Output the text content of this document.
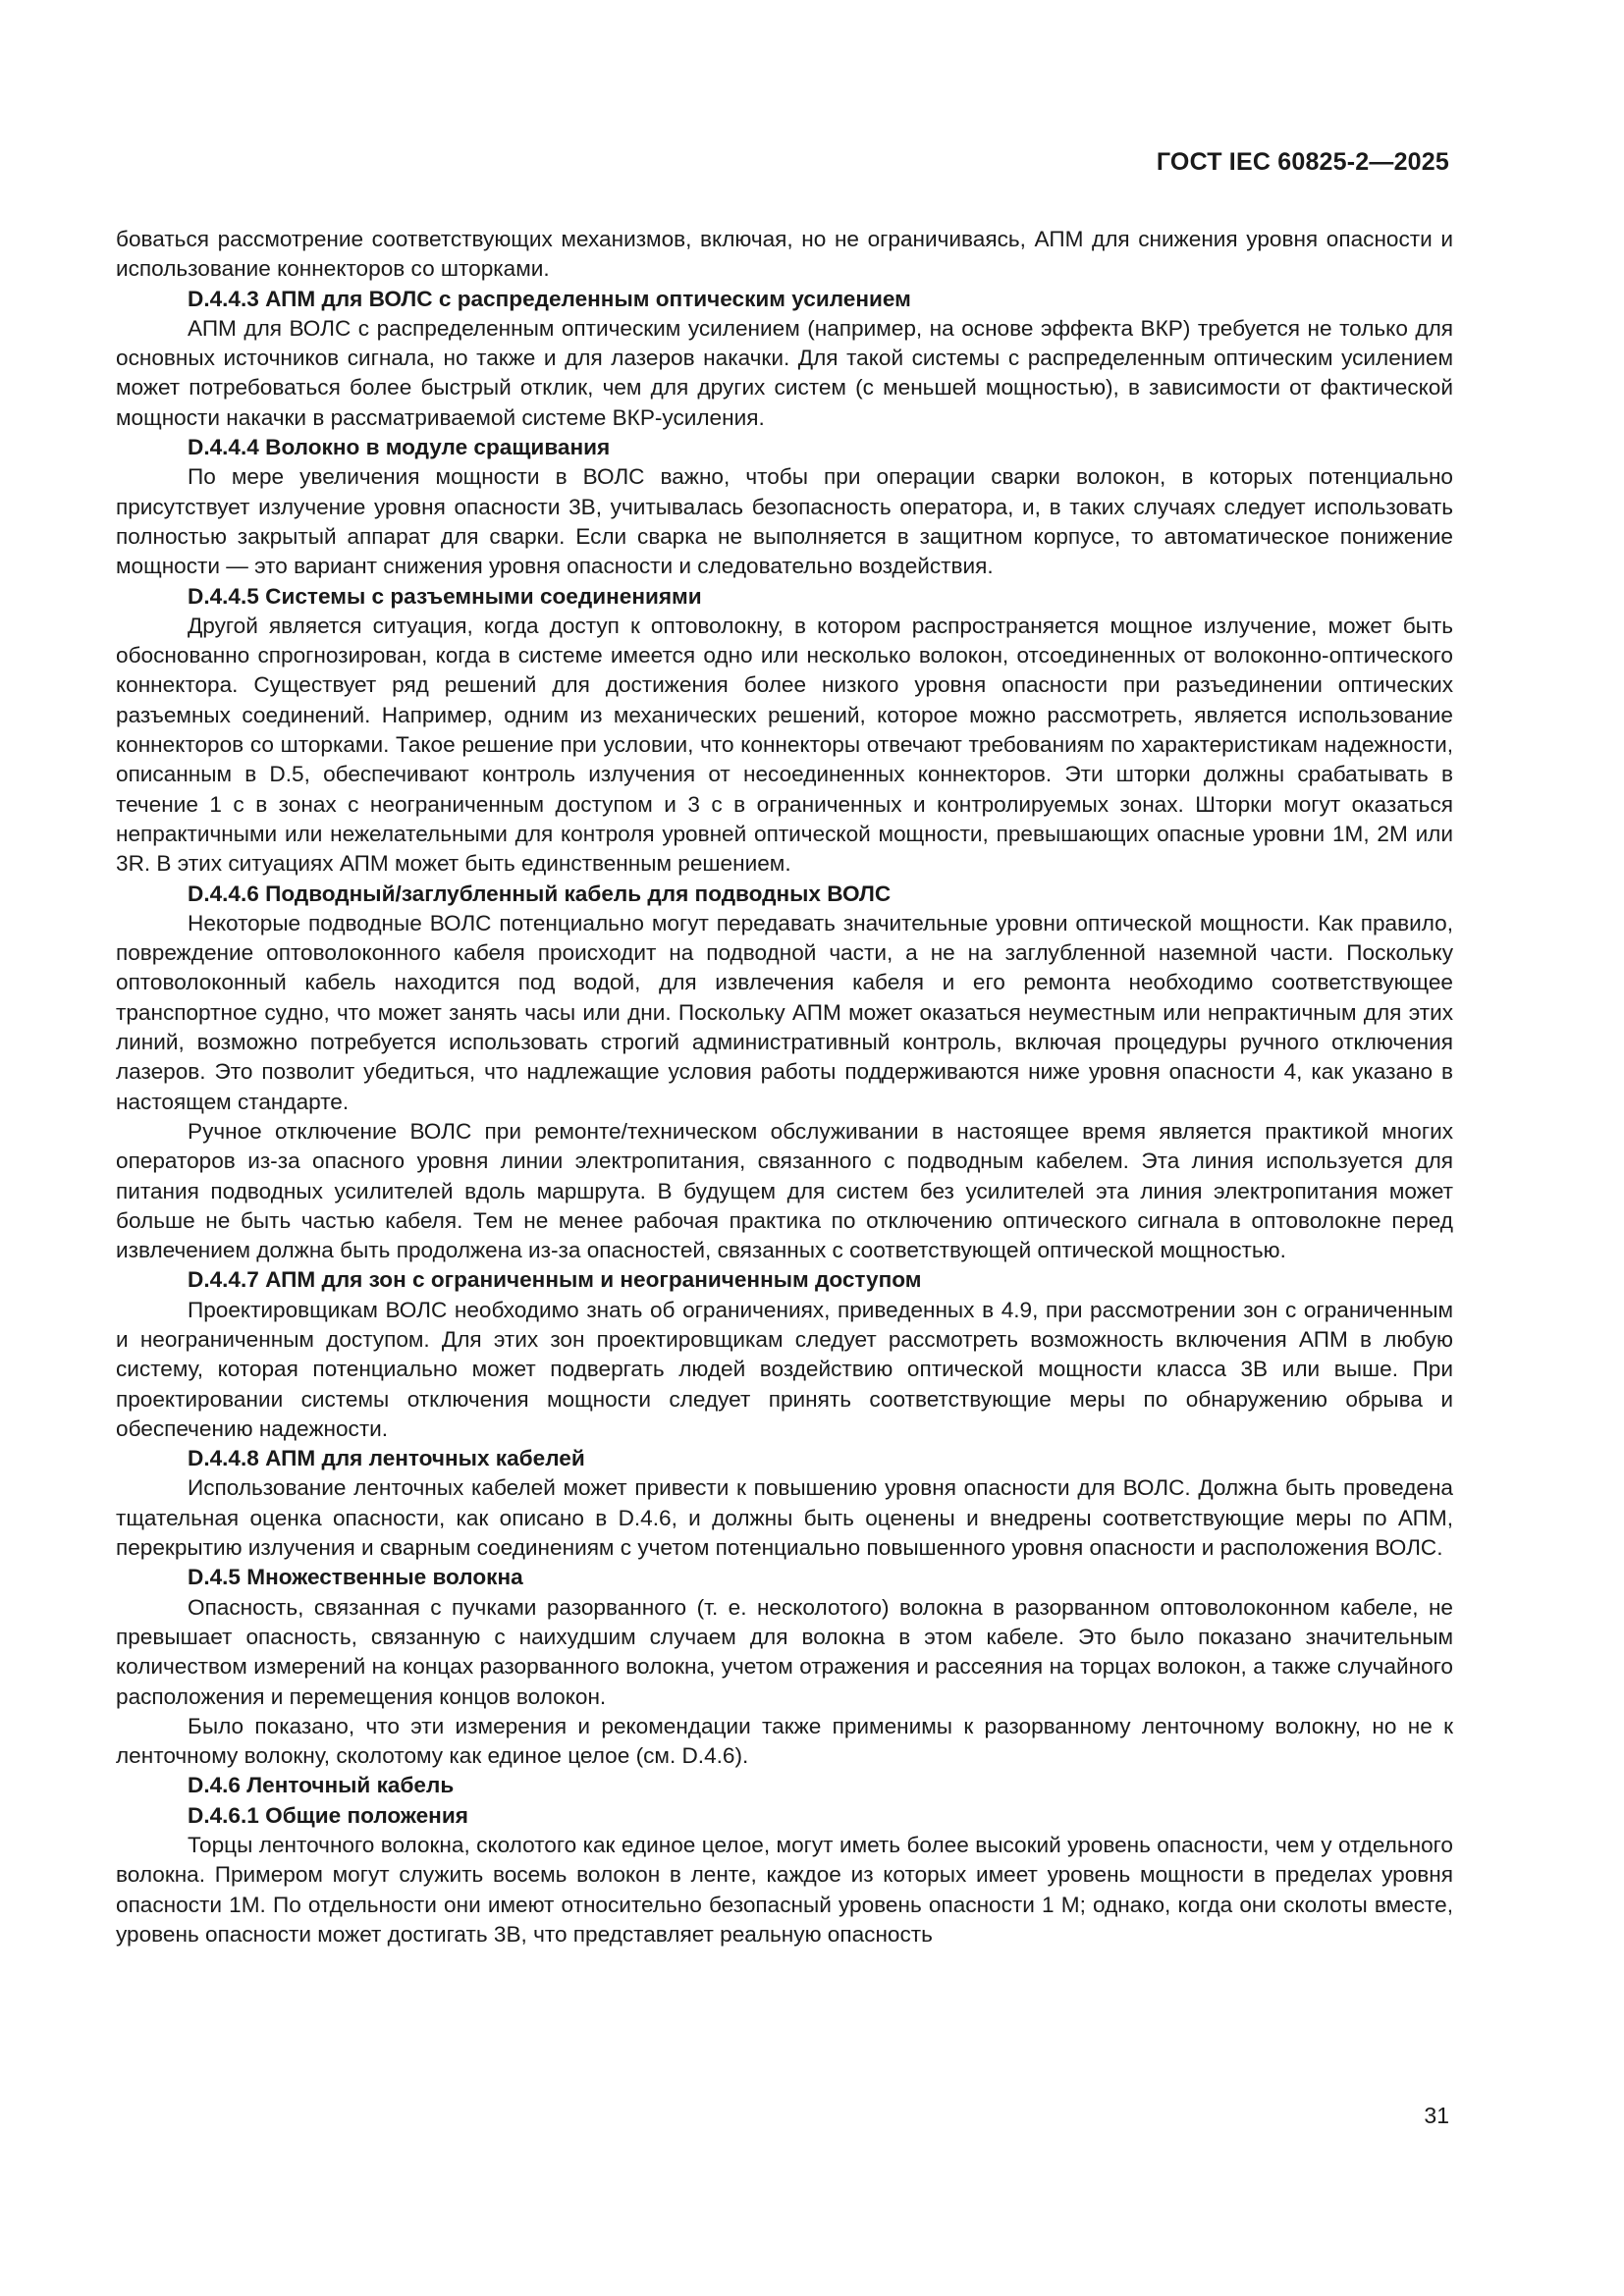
ГОСТ IEC 60825-2—2025

боваться рассмотрение соответствующих механизмов, включая, но не ограничиваясь, АПМ для снижения уровня опасности и использование коннекторов со шторками.

D.4.4.3 АПМ для ВОЛС с распределенным оптическим усилением

АПМ для ВОЛС с распределенным оптическим усилением (например, на основе эффекта ВКР) требуется не только для основных источников сигнала, но также и для лазеров накачки. Для такой системы с распределенным оптическим усилением может потребоваться более быстрый отклик, чем для других систем (с меньшей мощностью), в зависимости от фактической мощности накачки в рассматриваемой системе ВКР-усиления.

D.4.4.4 Волокно в модуле сращивания

По мере увеличения мощности в ВОЛС важно, чтобы при операции сварки волокон, в которых потенциально присутствует излучение уровня опасности 3В, учитывалась безопасность оператора, и, в таких случаях следует использовать полностью закрытый аппарат для сварки. Если сварка не выполняется в защитном корпусе, то автоматическое понижение мощности — это вариант снижения уровня опасности и следовательно воздействия.

D.4.4.5 Системы с разъемными соединениями

Другой является ситуация, когда доступ к оптоволокну, в котором распространяется мощное излучение, может быть обоснованно спрогнозирован, когда в системе имеется одно или несколько волокон, отсоединенных от волоконно-оптического коннектора. Существует ряд решений для достижения более низкого уровня опасности при разъединении оптических разъемных соединений. Например, одним из механических решений, которое можно рассмотреть, является использование коннекторов со шторками. Такое решение при условии, что коннекторы отвечают требованиям по характеристикам надежности, описанным в D.5, обеспечивают контроль излучения от несоединенных коннекторов. Эти шторки должны срабатывать в течение 1 с в зонах с неограниченным доступом и 3 с в ограниченных и контролируемых зонах. Шторки могут оказаться непрактичными или нежелательными для контроля уровней оптической мощности, превышающих опасные уровни 1М, 2М или 3R. В этих ситуациях АПМ может быть единственным решением.

D.4.4.6 Подводный/заглубленный кабель для подводных ВОЛС

Некоторые подводные ВОЛС потенциально могут передавать значительные уровни оптической мощности. Как правило, повреждение оптоволоконного кабеля происходит на подводной части, а не на заглубленной наземной части. Поскольку оптоволоконный кабель находится под водой, для извлечения кабеля и его ремонта необходимо соответствующее транспортное судно, что может занять часы или дни. Поскольку АПМ может оказаться неуместным или непрактичным для этих линий, возможно потребуется использовать строгий административный контроль, включая процедуры ручного отключения лазеров. Это позволит убедиться, что надлежащие условия работы поддерживаются ниже уровня опасности 4, как указано в настоящем стандарте.

Ручное отключение ВОЛС при ремонте/техническом обслуживании в настоящее время является практикой многих операторов из-за опасного уровня линии электропитания, связанного с подводным кабелем. Эта линия используется для питания подводных усилителей вдоль маршрута. В будущем для систем без усилителей эта линия электропитания может больше не быть частью кабеля. Тем не менее рабочая практика по отключению оптического сигнала в оптоволокне перед извлечением должна быть продолжена из-за опасностей, связанных с соответствующей оптической мощностью.

D.4.4.7 АПМ для зон с ограниченным и неограниченным доступом

Проектировщикам ВОЛС необходимо знать об ограничениях, приведенных в 4.9, при рассмотрении зон с ограниченным и неограниченным доступом. Для этих зон проектировщикам следует рассмотреть возможность включения АПМ в любую систему, которая потенциально может подвергать людей воздействию оптической мощности класса 3В или выше. При проектировании системы отключения мощности следует принять соответствующие меры по обнаружению обрыва и обеспечению надежности.

D.4.4.8 АПМ для ленточных кабелей

Использование ленточных кабелей может привести к повышению уровня опасности для ВОЛС. Должна быть проведена тщательная оценка опасности, как описано в D.4.6, и должны быть оценены и внедрены соответствующие меры по АПМ, перекрытию излучения и сварным соединениям с учетом потенциально повышенного уровня опасности и расположения ВОЛС.

D.4.5 Множественные волокна

Опасность, связанная с пучками разорванного (т. е. несколотого) волокна в разорванном оптоволоконном кабеле, не превышает опасность, связанную с наихудшим случаем для волокна в этом кабеле. Это было показано значительным количеством измерений на концах разорванного волокна, учетом отражения и рассеяния на торцах волокон, а также случайного расположения и перемещения концов волокон.

Было показано, что эти измерения и рекомендации также применимы к разорванному ленточному волокну, но не к ленточному волокну, сколотому как единое целое (см. D.4.6).

D.4.6 Ленточный кабель
D.4.6.1 Общие положения

Торцы ленточного волокна, сколотого как единое целое, могут иметь более высокий уровень опасности, чем у отдельного волокна. Примером могут служить восемь волокон в ленте, каждое из которых имеет уровень мощности в пределах уровня опасности 1М. По отдельности они имеют относительно безопасный уровень опасности 1 М; однако, когда они сколоты вместе, уровень опасности может достигать 3В, что представляет реальную опасность

31
